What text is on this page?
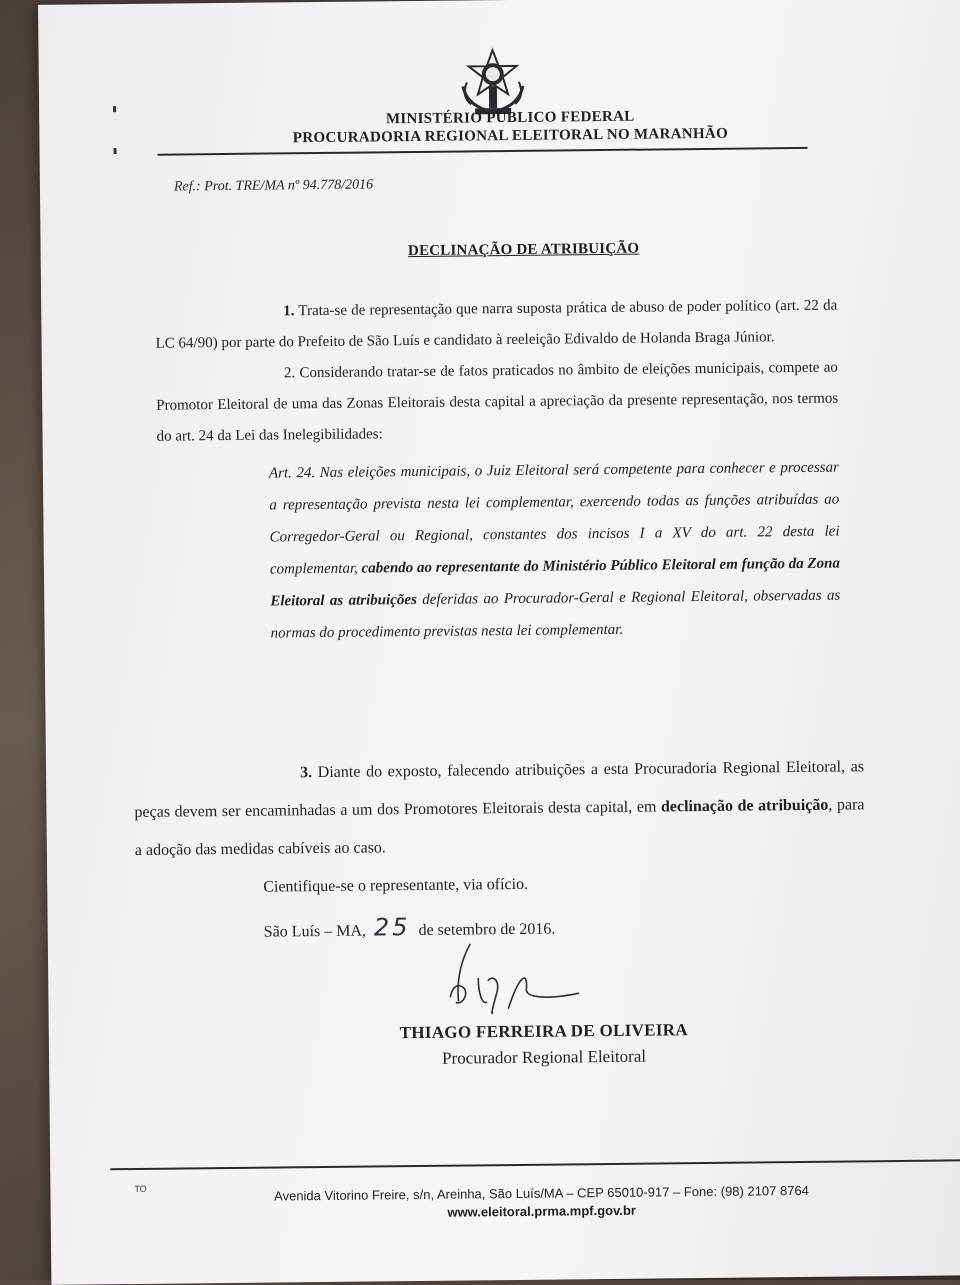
MINISTÉRIO PÚBLICO FEDERAL
PROCURADORIA REGIONAL ELEITORAL NO MARANHÃO
Ref.: Prot. TRE/MA nº 94.778/2016
DECLINAÇÃO DE ATRIBUIÇÃO

1. Trata-se de representação que narra suposta prática de abuso de poder político (art. 22 da LC 64/90) por parte do Prefeito de São Luís e candidato à reeleição Edivaldo de Holanda Braga Júnior.

2. Considerando tratar-se de fatos praticados no âmbito de eleições municipais, compete ao Promotor Eleitoral de uma das Zonas Eleitorais desta capital a apreciação da presente representação, nos termos do art. 24 da Lei das Inelegibilidades:

Art. 24. Nas eleições municipais, o Juiz Eleitoral será competente para conhecer e processar a representação prevista nesta lei complementar, exercendo todas as funções atribuídas ao Corregedor-Geral ou Regional, constantes dos incisos I a XV do art. 22 desta lei complementar, cabendo ao representante do Ministério Público Eleitoral em função da Zona Eleitoral as atribuições deferidas ao Procurador-Geral e Regional Eleitoral, observadas as normas do procedimento previstas nesta lei complementar.

3. Diante do exposto, falecendo atribuições a esta Procuradoria Regional Eleitoral, as peças devem ser encaminhadas a um dos Promotores Eleitorais desta capital, em declinação de atribuição, para a adoção das medidas cabíveis ao caso.

Cientifique-se o representante, via ofício.
São Luís – MA, 25 de setembro de 2016.
THIAGO FERREIRA DE OLIVEIRA
Procurador Regional Eleitoral
TO	Avenida Vitorino Freire, s/n, Areinha, São Luís/MA – CEP 65010-917 – Fone: (98) 2107 8764
www.eleitoral.prma.mpf.gov.br
